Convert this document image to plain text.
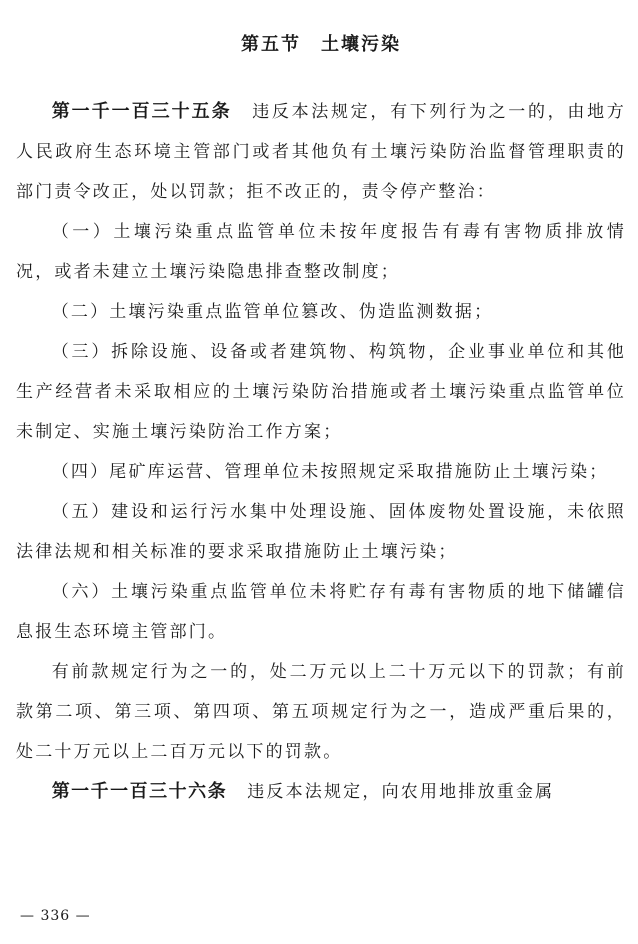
第五节　土壤污染

第一千一百三十五条 违反本法规定，有下列行为之一的，由地方人民政府生态环境主管部门或者其他负有土壤污染防治监督管理职责的部门责令改正，处以罚款；拒不改正的，责令停产整治：

（一）土壤污染重点监管单位未按年度报告有毒有害物质排放情况，或者未建立土壤污染隐患排查整改制度；

（二）土壤污染重点监管单位篡改、伪造监测数据；

（三）拆除设施、设备或者建筑物、构筑物，企业事业单位和其他生产经营者未采取相应的土壤污染防治措施或者土壤污染重点监管单位未制定、实施土壤污染防治工作方案；

（四）尾矿库运营、管理单位未按照规定采取措施防止土壤污染；

（五）建设和运行污水集中处理设施、固体废物处置设施，未依照法律法规和相关标准的要求采取措施防止土壤污染；

（六）土壤污染重点监管单位未将贮存有毒有害物质的地下储罐信息报生态环境主管部门。

有前款规定行为之一的，处二万元以上二十万元以下的罚款；有前款第二项、第三项、第四项、第五项规定行为之一，造成严重后果的，处二十万元以上二百万元以下的罚款。

第一千一百三十六条 违反本法规定，向农用地排放重金属

— 336 —
